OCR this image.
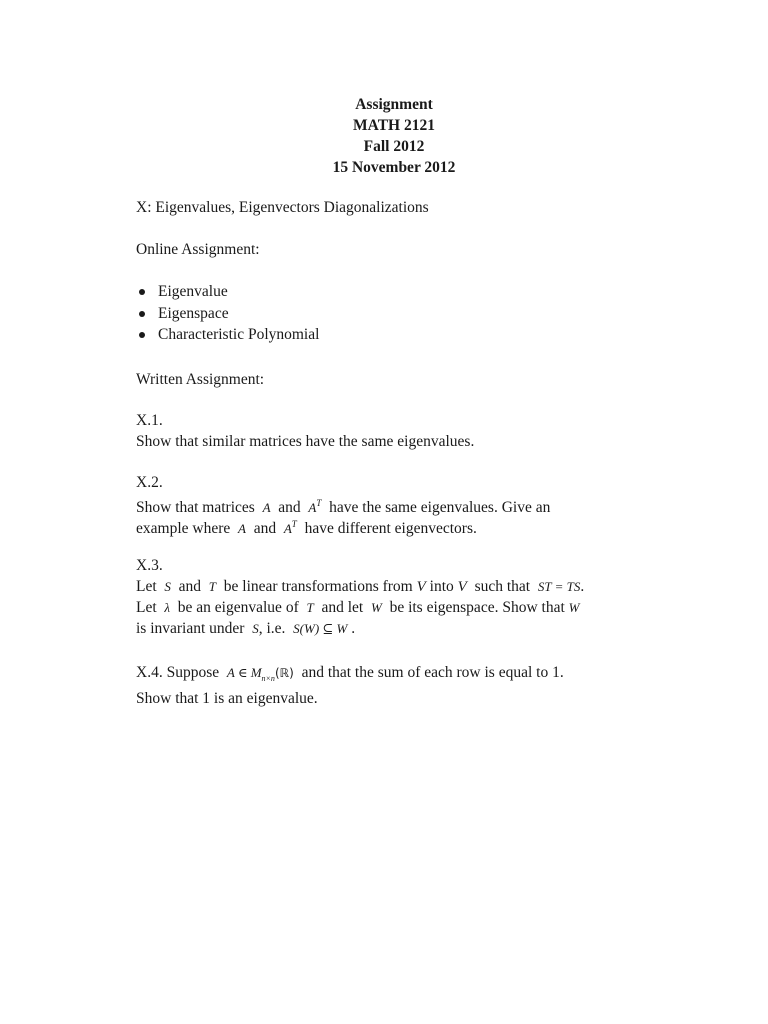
Assignment
MATH 2121
Fall 2012
15 November 2012
X: Eigenvalues, Eigenvectors Diagonalizations
Online Assignment:
Eigenvalue
Eigenspace
Characteristic Polynomial
Written Assignment:
X.1.
Show that similar matrices have the same eigenvalues.
X.2.
Show that matrices A and $A^T$ have the same eigenvalues. Give an
example where A and $A^T$ have different eigenvectors.
X.3.
Let S and T be linear transformations from V into V such that ST = TS.
Let λ be an eigenvalue of T and let W be its eigenspace. Show that W
is invariant under S, i.e. S(W) ⊆ W .
X.4. Suppose A ∈ $M_{n\times n}(ℝ)$ and that the sum of each row is equal to 1.
Show that 1 is an eigenvalue.
